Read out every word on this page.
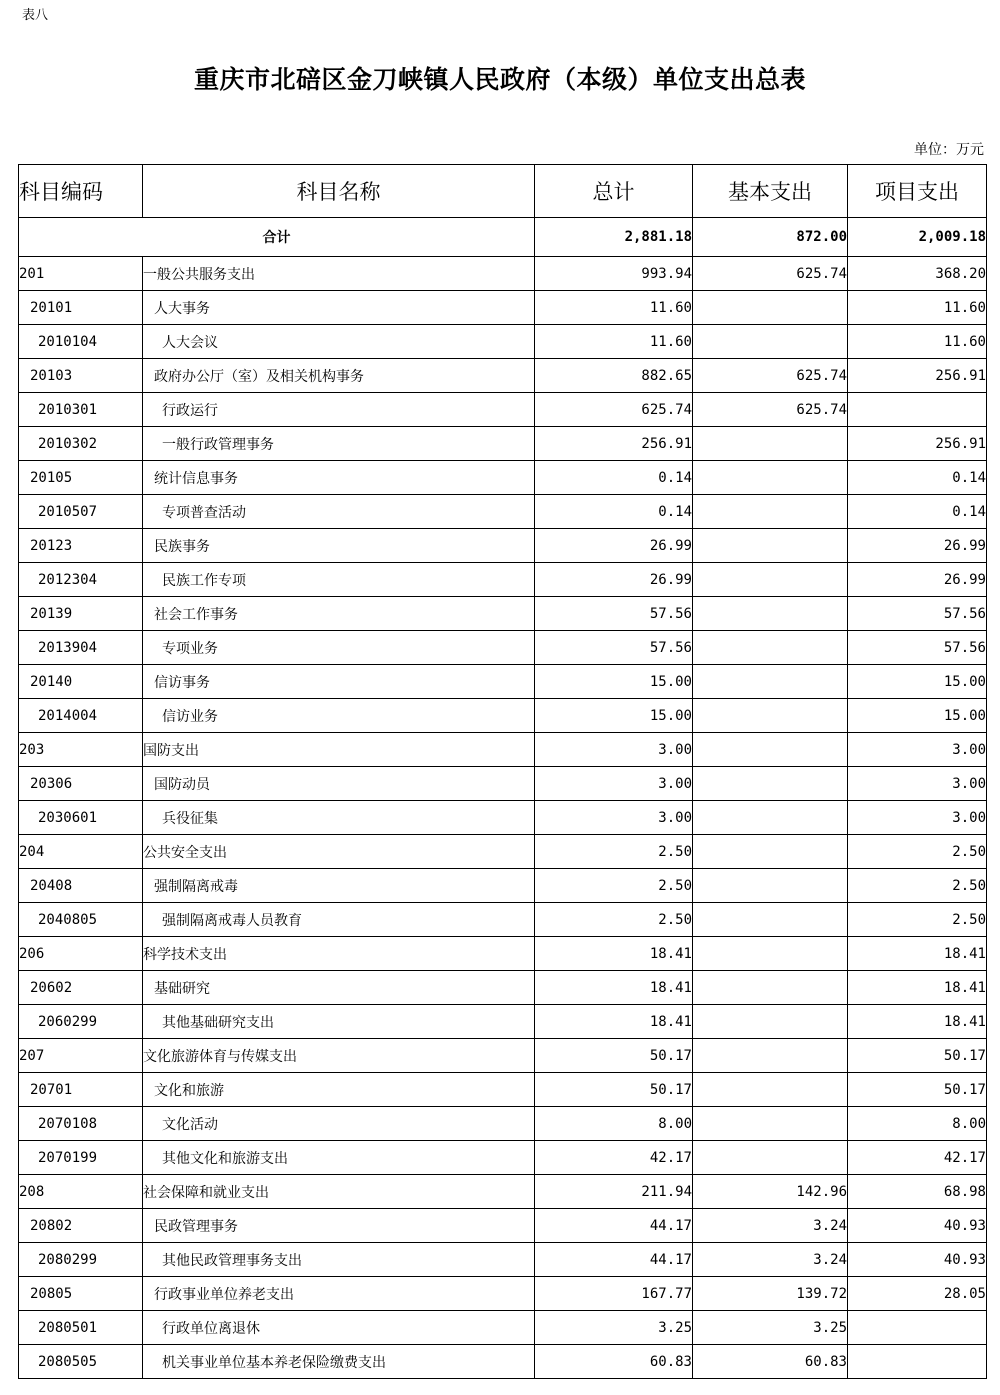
表八
重庆市北碚区金刀峡镇人民政府（本级）单位支出总表
单位：万元
科目编码	科目名称	总计	基本支出	项目支出
合计		2,881.18	872.00	2,009.18
201	一般公共服务支出	993.94	625.74	368.20
20101	人大事务	11.60		11.60
2010104	人大会议	11.60		11.60
20103	政府办公厅（室）及相关机构事务	882.65	625.74	256.91
2010301	行政运行	625.74	625.74	
2010302	一般行政管理事务	256.91		256.91
20105	统计信息事务	0.14		0.14
2010507	专项普查活动	0.14		0.14
20123	民族事务	26.99		26.99
2012304	民族工作专项	26.99		26.99
20139	社会工作事务	57.56		57.56
2013904	专项业务	57.56		57.56
20140	信访事务	15.00		15.00
2014004	信访业务	15.00		15.00
203	国防支出	3.00		3.00
20306	国防动员	3.00		3.00
2030601	兵役征集	3.00		3.00
204	公共安全支出	2.50		2.50
20408	强制隔离戒毒	2.50		2.50
2040805	强制隔离戒毒人员教育	2.50		2.50
206	科学技术支出	18.41		18.41
20602	基础研究	18.41		18.41
2060299	其他基础研究支出	18.41		18.41
207	文化旅游体育与传媒支出	50.17		50.17
20701	文化和旅游	50.17		50.17
2070108	文化活动	8.00		8.00
2070199	其他文化和旅游支出	42.17		42.17
208	社会保障和就业支出	211.94	142.96	68.98
20802	民政管理事务	44.17	3.24	40.93
2080299	其他民政管理事务支出	44.17	3.24	40.93
20805	行政事业单位养老支出	167.77	139.72	28.05
2080501	行政单位离退休	3.25	3.25	
2080505	机关事业单位基本养老保险缴费支出	60.83	60.83	
